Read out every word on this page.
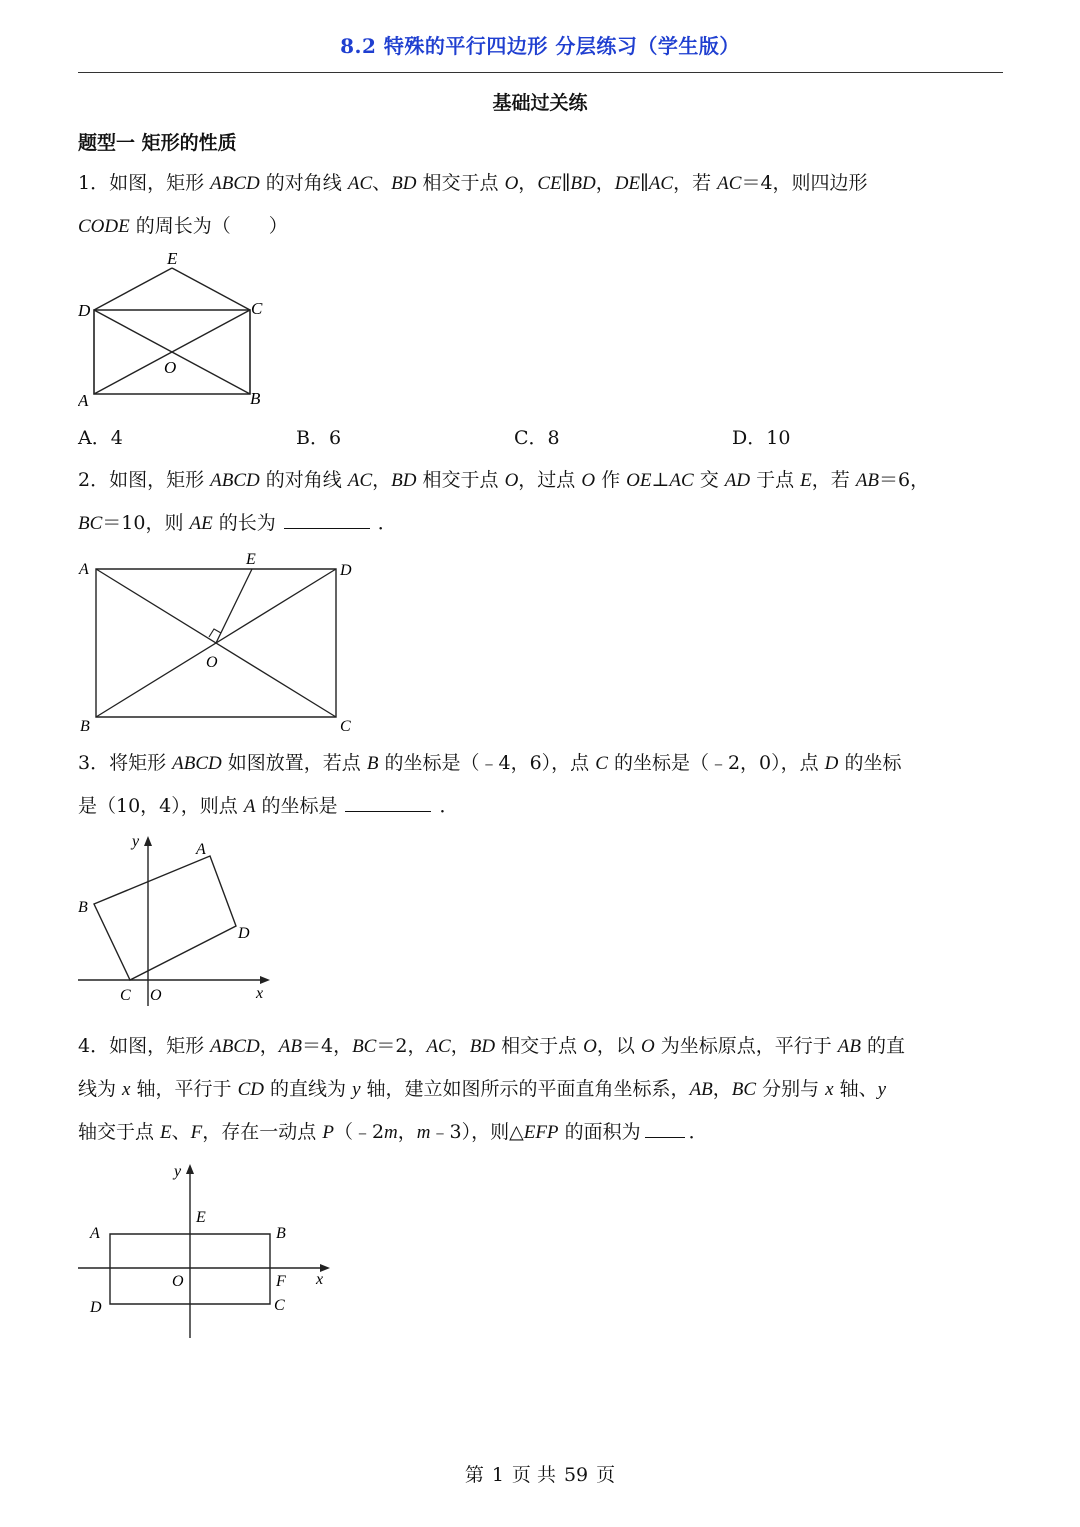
8.2 特殊的平行四边形 分层练习（学生版）
基础过关练
题型一 矩形的性质
1．如图，矩形 ABCD 的对角线 AC、BD 相交于点 O，CE∥BD，DE∥AC，若 AC＝4，则四边形
CODE 的周长为（　　）
E
D	C
O
A	B
A．4	B．6	C．8	D．10
2．如图，矩形 ABCD 的对角线 AC，BD 相交于点 O，过点 O 作 OE⊥AC 交 AD 于点 E，若 AB＝6，
BC＝10，则 AE 的长为	．
A
E
D
O
B	C
3．将矩形 ABCD 如图放置，若点 B 的坐标是（﹣4，6），点 C 的坐标是（﹣2，0），点 D 的坐标
是（10，4），则点 A 的坐标是	．
y	A
B
D
C O	x
4．如图，矩形 ABCD，AB＝4，BC＝2，AC，BD 相交于点 O，以 O 为坐标原点，平行于 AB 的直
线为 x 轴，平行于 CD 的直线为 y 轴，建立如图所示的平面直角坐标系，AB，BC 分别与 x 轴、y
轴交于点 E、F，存在一动点 P（﹣2m，m﹣3），则△EFP 的面积为	．
y
E
A	B
O	F x
D	C
第 1 页 共 59 页
